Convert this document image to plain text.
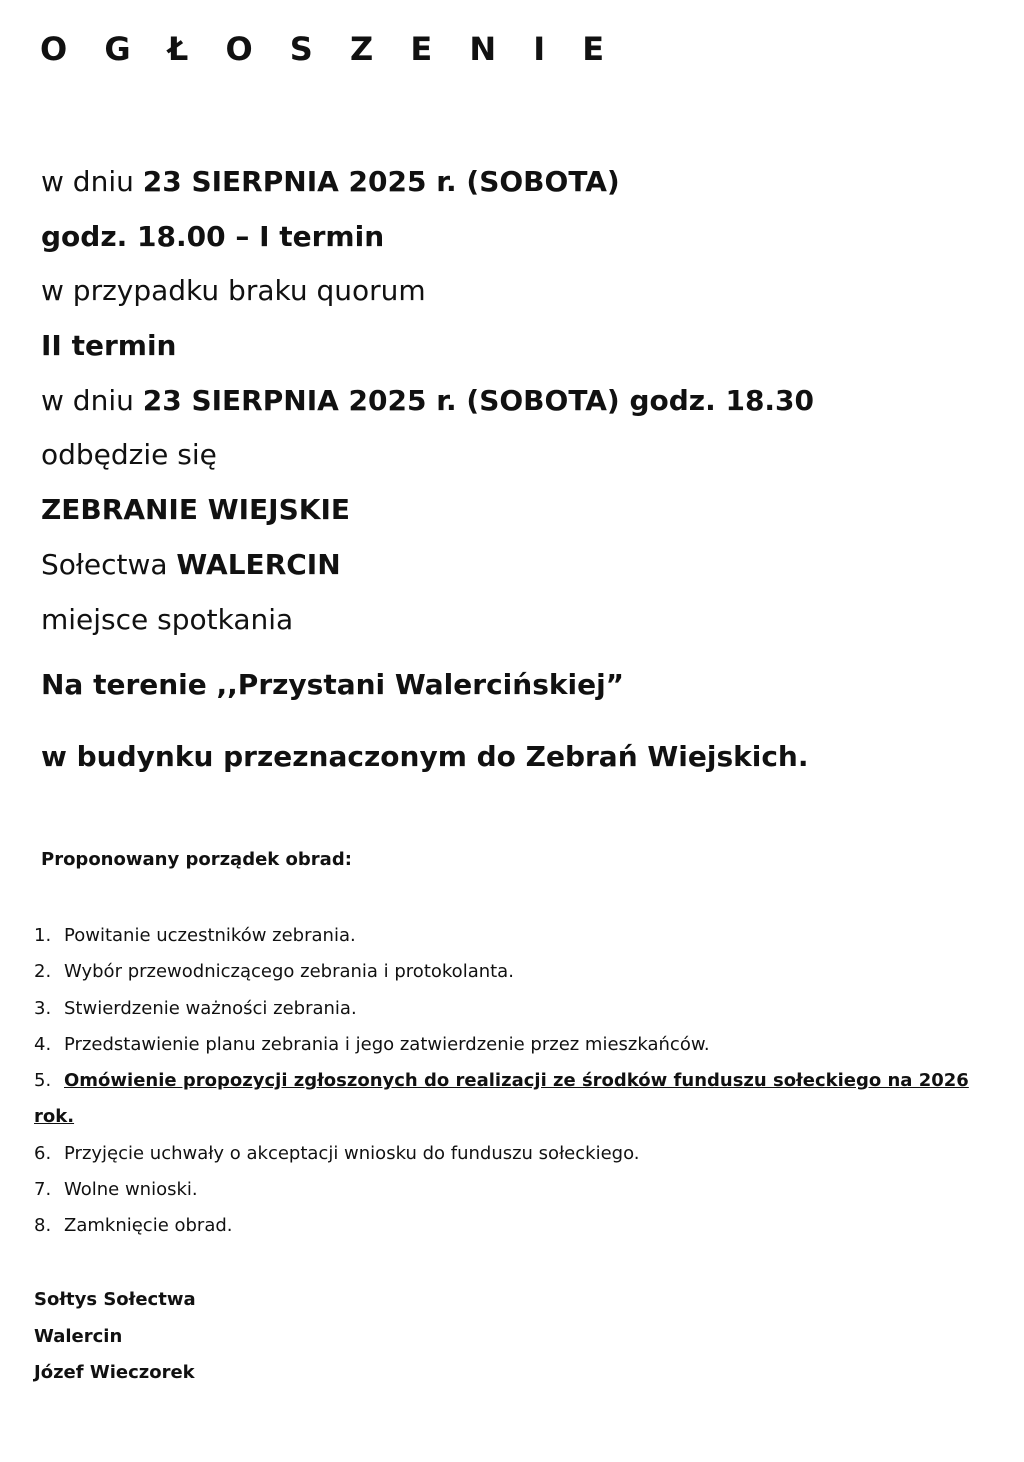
O G Ł O S Z E N I E
w dniu 23 SIERPNIA 2025 r. (SOBOTA)
godz. 18.00 – I termin
w przypadku braku quorum
II termin
w dniu 23 SIERPNIA 2025 r. (SOBOTA) godz. 18.30
odbędzie się
ZEBRANIE WIEJSKIE
Sołectwa WALERCIN
miejsce spotkania
Na terenie ,,Przystani Walercińskiej”
w budynku przeznaczonym do Zebrań Wiejskich.
Proponowany porządek obrad:
1. Powitanie uczestników zebrania.
2. Wybór przewodniczącego zebrania i protokolanta.
3. Stwierdzenie ważności zebrania.
4. Przedstawienie planu zebrania i jego zatwierdzenie przez mieszkańców.
5. Omówienie propozycji zgłoszonych do realizacji ze środków funduszu sołeckiego na 2026 rok.
6. Przyjęcie uchwały o akceptacji wniosku do funduszu sołeckiego.
7. Wolne wnioski.
8. Zamknięcie obrad.
Sołtys Sołectwa
Walercin
Józef Wieczorek
